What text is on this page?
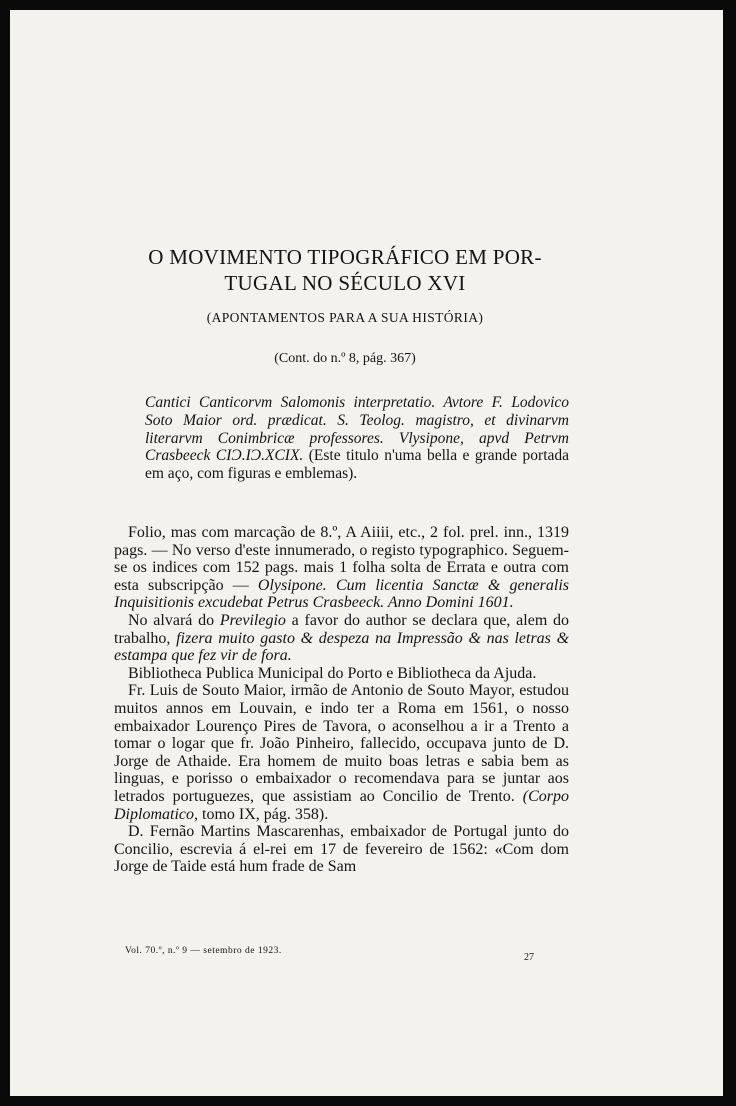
O MOVIMENTO TIPOGRÁFICO EM POR-
TUGAL NO SÉCULO XVI
(APONTAMENTOS PARA A SUA HISTÓRIA)
(Cont. do n.º 8, pág. 367)
Cantici Canticorvm Salomonis interpretatio. Avtore F. Lodovico Soto Maior ord. prædicat. S. Teolog. magistro, et divinarvm literarvm Conimbricæ professores. Vlysipone, apvd Petrvm Crasbeeck CIƆ.IƆ.XCIX. (Este titulo n'uma bella e grande portada em aço, com figuras e emblemas).

Folio, mas com marcação de 8.º, A Aiiii, etc., 2 fol. prel. inn., 1319 pags. — No verso d'este innumerado, o registo typographico. Seguem-se os indices com 152 pags. mais 1 folha solta de Errata e outra com esta subscripção — Olysipone. Cum licentia Sanctæ & generalis Inquisitionis excudebat Petrus Crasbeeck. Anno Domini 1601.

No alvará do Previlegio a favor do author se declara que, alem do trabalho, fizera muito gasto & despeza na Impressão & nas letras & estampa que fez vir de fora.

Bibliotheca Publica Municipal do Porto e Bibliotheca da Ajuda.

Fr. Luis de Souto Maior, irmão de Antonio de Souto Mayor, estudou muitos annos em Louvain, e indo ter a Roma em 1561, o nosso embaixador Lourenço Pires de Tavora, o aconselhou a ir a Trento a tomar o logar que fr. João Pinheiro, fallecido, occupava junto de D. Jorge de Athaide. Era homem de muito boas letras e sabia bem as linguas, e porisso o embaixador o recomendava para se juntar aos letrados portuguezes, que assistiam ao Concilio de Trento. (Corpo Diplomatico, tomo IX, pág. 358).

D. Fernão Martins Mascarenhas, embaixador de Portugal junto do Concilio, escrevia á el-rei em 17 de fevereiro de 1562: «Com dom Jorge de Taide está hum frade de Sam

Vol. 70.º, n.º 9 — setembro de 1923.
27
